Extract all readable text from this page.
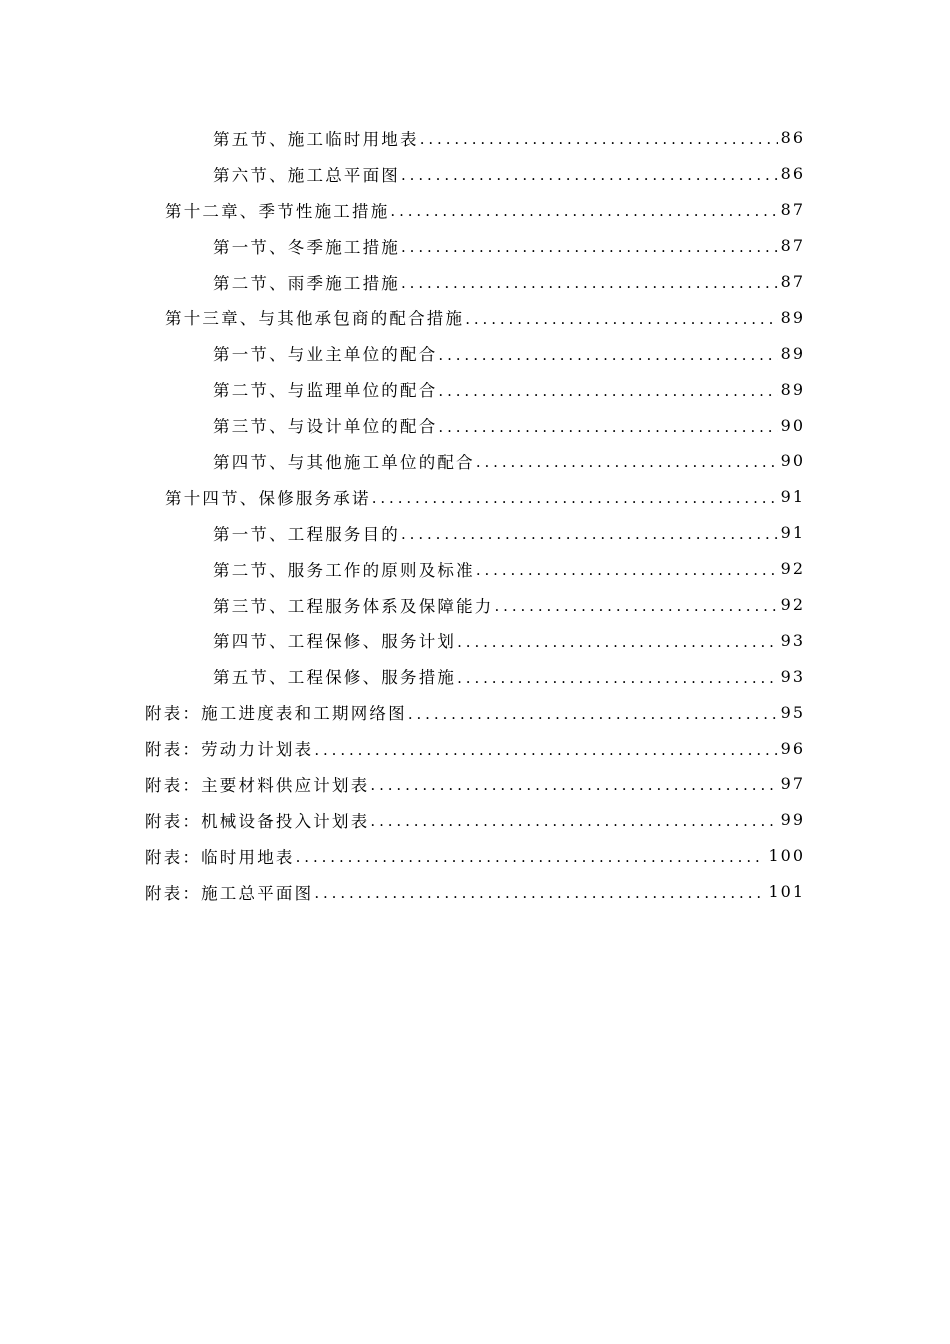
第五节、施工临时用地表 .....	86
第六节、施工总平面图 .....	86
第十二章、季节性施工措施 .....	87
第一节、冬季施工措施 .....	87
第二节、雨季施工措施 .....	87
第十三章、与其他承包商的配合措施 .....	89
第一节、与业主单位的配合 .....	89
第二节、与监理单位的配合 .....	89
第三节、与设计单位的配合 .....	90
第四节、与其他施工单位的配合 .....	90
第十四节、保修服务承诺 .....	91
第一节、工程服务目的 .....	91
第二节、服务工作的原则及标准 .....	92
第三节、工程服务体系及保障能力 .....	92
第四节、工程保修、服务计划 .....	93
第五节、工程保修、服务措施 .....	93
附表：施工进度表和工期网络图 .....	95
附表：劳动力计划表 .....	96
附表：主要材料供应计划表 .....	97
附表：机械设备投入计划表 .....	99
附表：临时用地表 .....	100
附表：施工总平面图 .....	101
